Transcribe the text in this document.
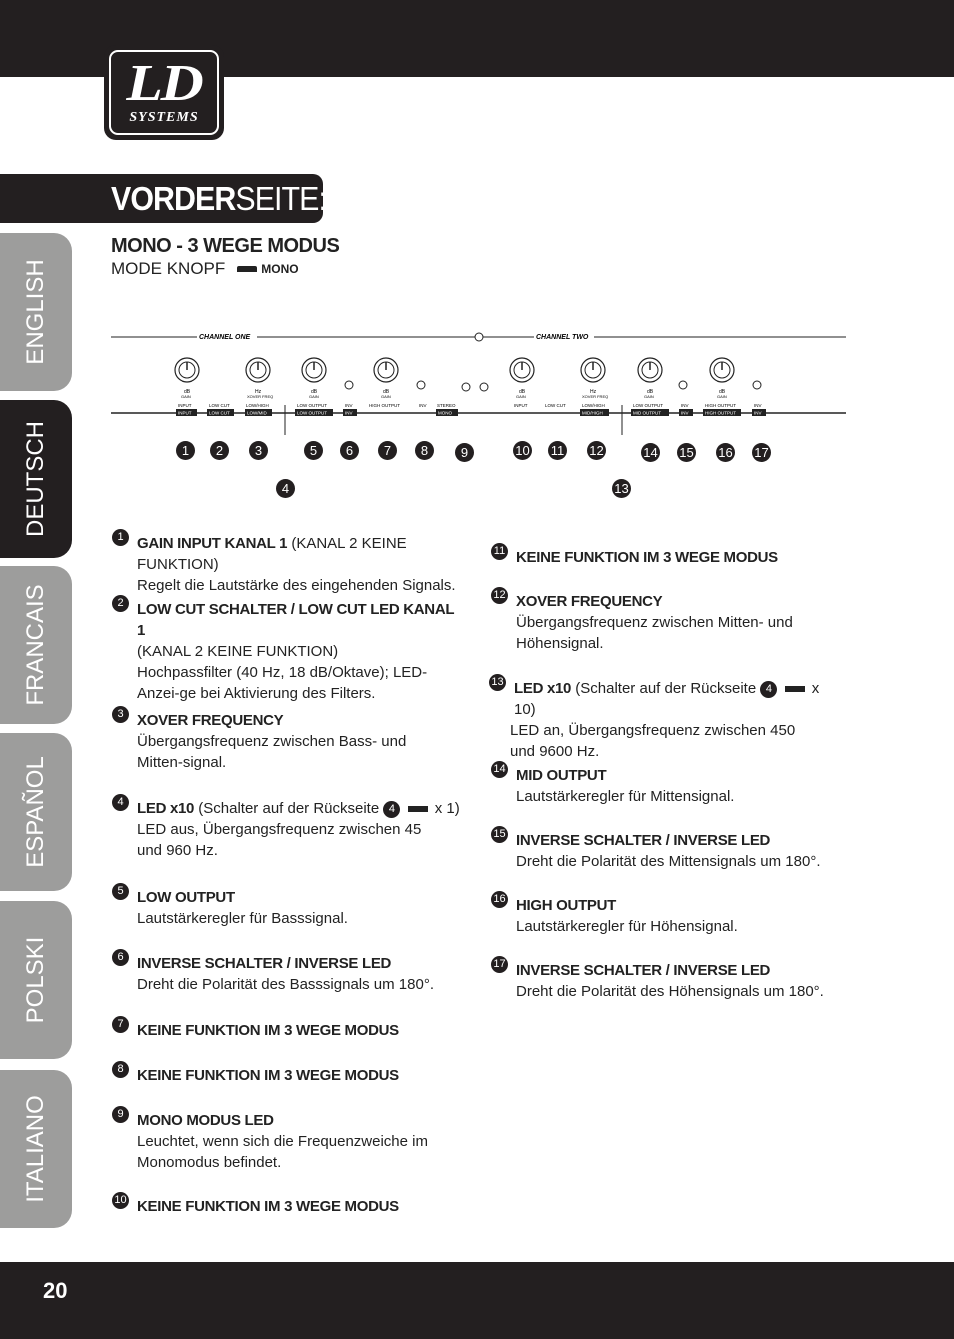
LD
SYSTEMS
VORDERSEITE:
ENGLISH
DEUTSCH
FRANCAIS
ESPAÑOL
POLSKI
ITALIANO
MONO - 3 WEGE MODUS
MODE KNOPF	MONO
CHANNEL ONE	CHANNEL TWO
dB	Hz	dB	dB	dB	Hz	dB	dB
GAIN	XOVER FREQ	GAIN	GAIN	GAIN	XOVER FREQ	GAIN	GAIN
INPUT	LOW CUT	LOW/HIGH	LOW OUTPUT	INV	HIGH OUTPUT	INV STEREO
INPUT	LOW CUT	LOW/MID	LOW OUTPUT	INV	MONO
INPUT	LOW CUT	LOW/HIGH	LOW OUTPUT	INV	HIGH OUTPUT	INV
MID/HIGH	MID OUTPUT	INV	HIGH OUTPUT	INV
1	2	3
4
5	6	7	8	9	10 11 12
13
14 15 16 17
1 GAIN INPUT KANAL 1 (KANAL 2 KEINE FUNKTION)
Regelt die Lautstärke des eingehenden Signals.
2 LOW CUT SCHALTER / LOW CUT LED KANAL 1
(KANAL 2 KEINE FUNKTION)
Hochpassfilter (40 Hz, 18 dB/Oktave); LED-Anzei-ge bei Aktivierung des Filters.
3 XOVER FREQUENCY
Übergangsfrequenz zwischen Bass- und Mitten-signal.
4 LED x10 (Schalter auf der Rückseite 4	x 1)
LED aus, Übergangsfrequenz zwischen 45 und 960 Hz.
5 LOW OUTPUT
Lautstärkeregler für Basssignal.
6 INVERSE SCHALTER / INVERSE LED
Dreht die Polarität des Basssignals um 180°.
7 KEINE FUNKTION IM 3 WEGE MODUS
8 KEINE FUNKTION IM 3 WEGE MODUS
9 MONO MODUS LED
Leuchtet, wenn sich die Frequenzweiche im Monomodus befindet.
10 KEINE FUNKTION IM 3 WEGE MODUS
11 KEINE FUNKTION IM 3 WEGE MODUS
12 XOVER FREQUENCY
Übergangsfrequenz zwischen Mitten- und Höhensignal.
13 LED x10 (Schalter auf der Rückseite 4	x 10)
LED an, Übergangsfrequenz zwischen 450 und 9600 Hz.
14 MID OUTPUT
Lautstärkeregler für Mittensignal.
15 INVERSE SCHALTER / INVERSE LED
Dreht die Polarität des Mittensignals um 180°.
16 HIGH OUTPUT
Lautstärkeregler für Höhensignal.
17 INVERSE SCHALTER / INVERSE LED
Dreht die Polarität des Höhensignals um 180°.
20
